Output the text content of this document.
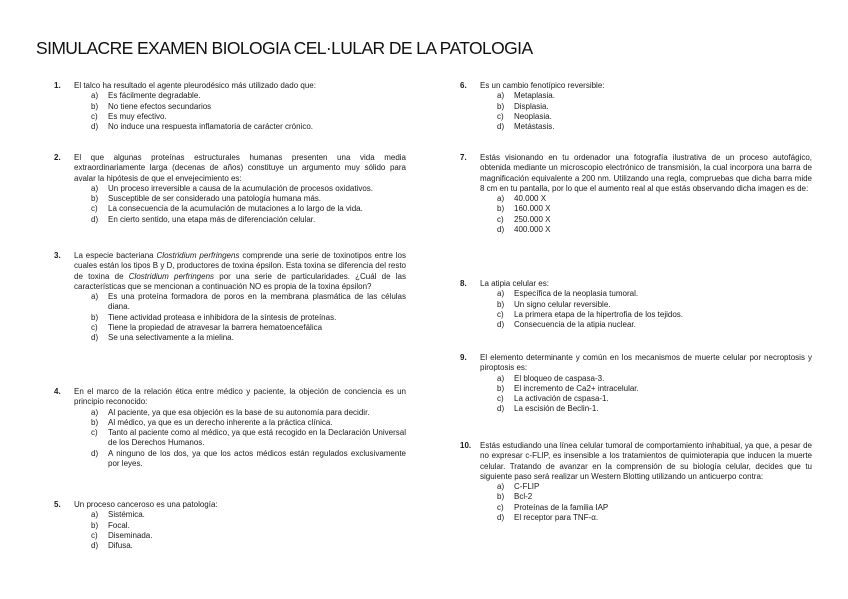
SIMULACRE EXAMEN BIOLOGIA CEL·LULAR DE LA PATOLOGIA
1.	El talco ha resultado el agente pleurodésico más utilizado dado que:
a)	Es fácilmente degradable.
b)	No tiene efectos secundarios
c)	Es muy efectivo.
d)	No induce una respuesta inflamatoria de carácter crónico.
2.	El que algunas proteínas estructurales humanas presenten una vida media extraordinariamente larga (decenas de años) constituye un argumento muy sólido para avalar la hipótesis de que el envejecimiento es:
a)	Un proceso irreversible a causa de la acumulación de procesos oxidativos.
b)	Susceptible de ser considerado una patología humana más.
c)	La consecuencia de la acumulación de mutaciones a lo largo de la vida.
d)	En cierto sentido, una etapa más de diferenciación celular.
3.	La especie bacteriana Clostridium perfringens comprende una serie de toxinotipos entre los cuales están los tipos B y D, productores de toxina épsilon. Esta toxina se diferencia del resto de toxina de Clostridium perfringens por una serie de particularidades. ¿Cuál de las características que se mencionan a continuación NO es propia de la toxina épsilon?
a)	Es una proteína formadora de poros en la membrana plasmática de las células diana.
b)	Tiene actividad proteasa e inhibidora de la síntesis de proteínas.
c)	Tiene la propiedad de atravesar la barrera hematoencefálica
d)	Se una selectivamente a la mielina.
4.	En el marco de la relación ética entre médico y paciente, la objeción de conciencia es un principio reconocido:
a)	Al paciente, ya que esa objeción es la base de su autonomía para decidir.
b)	Al médico, ya que es un derecho inherente a la práctica clínica.
c)	Tanto al paciente como al médico, ya que está recogido en la Declaración Universal de los Derechos Humanos.
d)	A ninguno de los dos, ya que los actos médicos están regulados exclusivamente por leyes.
5.	Un proceso canceroso es una patología:
a)	Sistémica.
b)	Focal.
c)	Diseminada.
d)	Difusa.
6.	Es un cambio fenotípico reversible:
a)	Metaplasia.
b)	Displasia.
c)	Neoplasia.
d)	Metástasis.
7.	Estás visionando en tu ordenador una fotografía ilustrativa de un proceso autofágico, obtenida mediante un microscopio electrónico de transmisión, la cual incorpora una barra de magnificación equivalente a 200 nm. Utilizando una regla, compruebas que dicha barra mide 8 cm en tu pantalla, por lo que el aumento real al que estás observando dicha imagen es de:
a)	40.000 X
b)	160.000 X
c)	250.000 X
d)	400.000 X
8.	La atipia celular es:
a)	Específica de la neoplasia tumoral.
b)	Un signo celular reversible.
c)	La primera etapa de la hipertrofia de los tejidos.
d)	Consecuencia de la atipia nuclear.
9.	El elemento determinante y común en los mecanismos de muerte celular por necroptosis y piroptosis es:
a)	El bloqueo de caspasa-3.
b)	El incremento de Ca2+ intracelular.
c)	La activación de cspasa-1.
d)	La escisión de Beclin-1.
10.	Estás estudiando una línea celular tumoral de comportamiento inhabitual, ya que, a pesar de no expresar c-FLIP, es insensible a los tratamientos de quimioterapia que inducen la muerte celular. Tratando de avanzar en la comprensión de su biología celular, decides que tu siguiente paso será realizar un Western Blotting utilizando un anticuerpo contra:
a)	C-FLIP
b)	Bcl-2
c)	Proteínas de la familia IAP
d)	El receptor para TNF-α.
